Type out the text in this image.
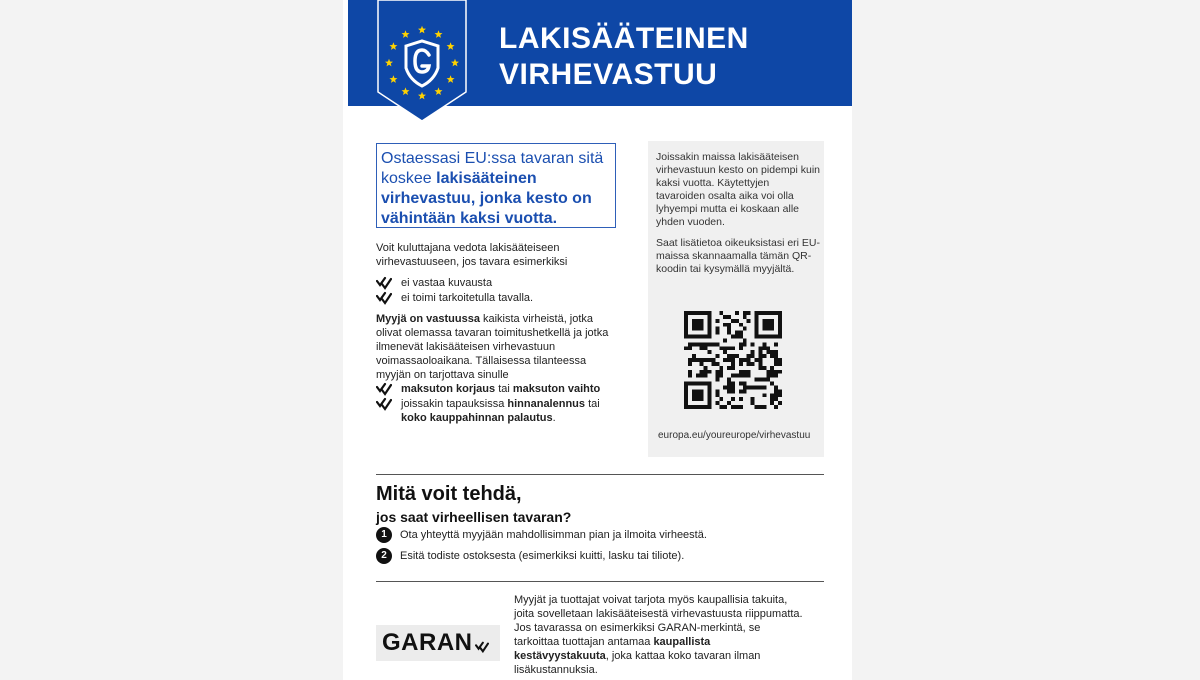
LAKISÄÄTEINEN
VIRHEVASTUU
Ostaessasi EU:ssa tavaran sitä koskee lakisääteinen virhevastuu, jonka kesto on vähintään kaksi vuotta.
Voit kuluttajana vedota lakisääteiseen virhevastuuseen, jos tavara esimerkiksi
ei vastaa kuvausta
ei toimi tarkoitetulla tavalla.
Myyjä on vastuussa kaikista virheistä, jotka olivat olemassa tavaran toimitushetkellä ja jotka ilmenevät lakisääteisen virhevastuun voimassaoloaikana. Tällaisessa tilanteessa myyjän on tarjottava sinulle
maksuton korjaus tai maksuton vaihto
joissakin tapauksissa hinnanalennus tai koko kauppahinnan palautus.
Joissakin maissa lakisääteisen virhevastuun kesto on pidempi kuin kaksi vuotta. Käytettyjen tavaroiden osalta aika voi olla lyhyempi mutta ei koskaan alle yhden vuoden.
Saat lisätietoa oikeuksistasi eri EU-maissa skannaamalla tämän QR-koodin tai kysymällä myyjältä.
europa.eu/youreurope/virhevastuu
Mitä voit tehdä,
jos saat virheellisen tavaran?
1	Ota yhteyttä myyjään mahdollisimman pian ja ilmoita virheestä.
2	Esitä todiste ostoksesta (esimerkiksi kuitti, lasku tai tiliote).
GARAN
Myyjät ja tuottajat voivat tarjota myös kaupallisia takuita, joita sovelletaan lakisääteisestä virhevastuusta riippumatta. Jos tavarassa on esimerkiksi GARAN-merkintä, se tarkoittaa tuottajan antamaa kaupallista kestävyystakuuta, joka kattaa koko tavaran ilman lisäkustannuksia.
